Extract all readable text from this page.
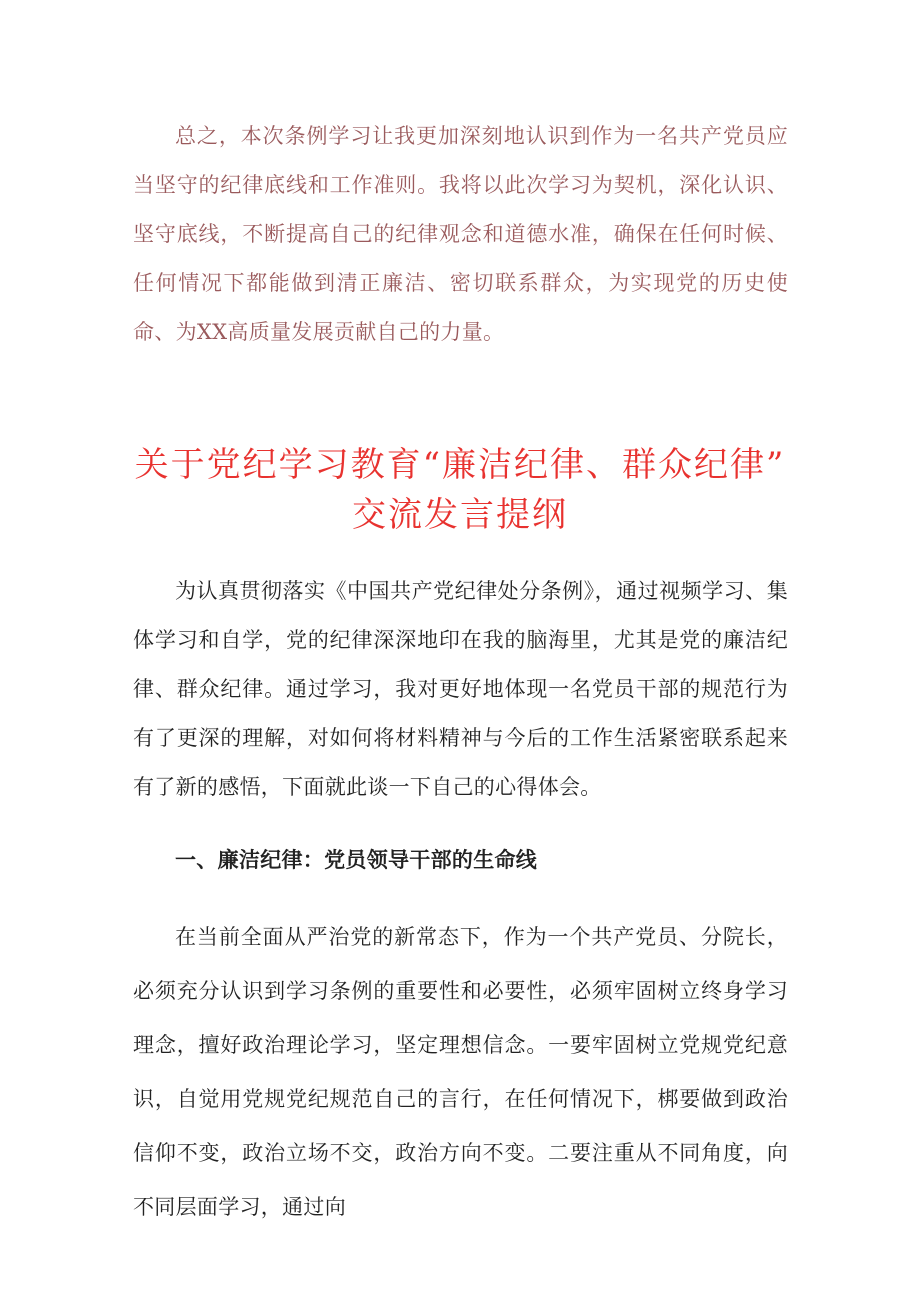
总之，本次条例学习让我更加深刻地认识到作为一名共产党员应当坚守的纪律底线和工作准则。我将以此次学习为契机，深化认识、坚守底线，不断提高自己的纪律观念和道德水准，确保在任何时候、任何情况下都能做到清正廉洁、密切联系群众，为实现党的历史使命、为XX高质量发展贡献自己的力量。

关于党纪学习教育“廉洁纪律、群众纪律”
交流发言提纲

为认真贯彻落实《中国共产党纪律处分条例》，通过视频学习、集体学习和自学，党的纪律深深地印在我的脑海里，尤其是党的廉洁纪律、群众纪律。通过学习，我对更好地体现一名党员干部的规范行为有了更深的理解，对如何将材料精神与今后的工作生活紧密联系起来有了新的感悟，下面就此谈一下自己的心得体会。

一、廉洁纪律：党员领导干部的生命线

在当前全面从严治党的新常态下，作为一个共产党员、分院长，必须充分认识到学习条例的重要性和必要性，必须牢固树立终身学习理念，擅好政治理论学习，坚定理想信念。一要牢固树立党规党纪意识，自觉用党规党纪规范自己的言行，在任何情况下，梆要做到政治信仰不变，政治立场不交，政治方向不变。二要注重从不同角度，向不同层面学习，通过向
